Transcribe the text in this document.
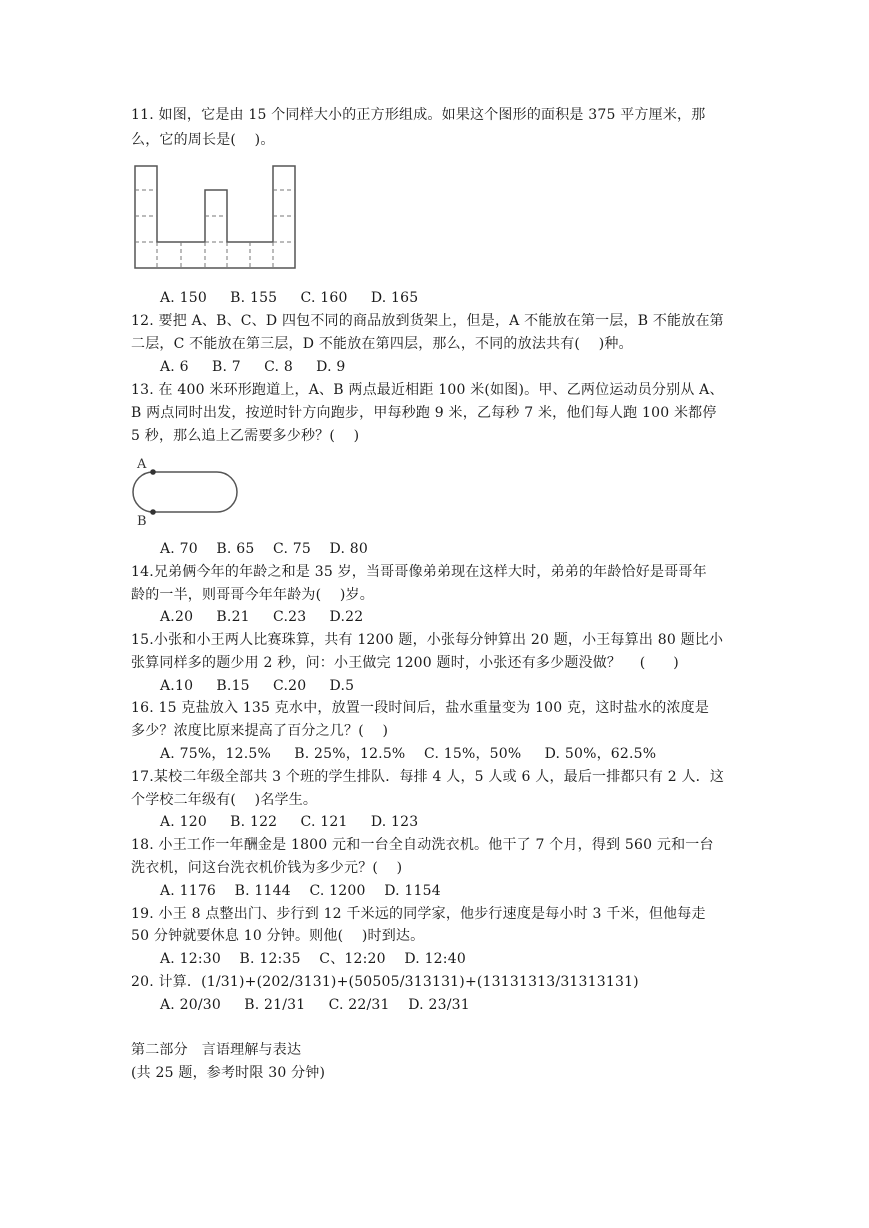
11. 如图，它是由 15 个同样大小的正方形组成。如果这个图形的面积是 375 平方厘米，那
么，它的周长是(    )。
A. 150     B. 155     C. 160     D. 165
12. 要把 A、B、C、D 四包不同的商品放到货架上，但是，A 不能放在第一层，B 不能放在第
二层，C 不能放在第三层，D 不能放在第四层，那么，不同的放法共有(    )种。
A. 6     B. 7     C. 8     D. 9
13. 在 400 米环形跑道上，A、B 两点最近相距 100 米(如图)。甲、乙两位运动员分别从 A、
B 两点同时出发，按逆时针方向跑步，甲每秒跑 9 米，乙每秒 7 米，他们每人跑 100 米都停
5 秒，那么追上乙需要多少秒？(    )
A
B
A. 70    B. 65    C. 75    D. 80
14.兄弟俩今年的年龄之和是 35 岁，当哥哥像弟弟现在这样大时，弟弟的年龄恰好是哥哥年
龄的一半，则哥哥今年年龄为(    )岁。
A.20     B.21     C.23     D.22
15.小张和小王两人比赛珠算，共有 1200 题，小张每分钟算出 20 题，小王每算出 80 题比小
张算同样多的题少用 2 秒，问：小王做完 1200 题时，小张还有多少题没做？    (      )
A.10     B.15     C.20     D.5
16. 15 克盐放入 135 克水中，放置一段时间后，盐水重量变为 100 克，这时盐水的浓度是
多少？浓度比原来提高了百分之几？(    )
A. 75%，12.5%     B. 25%，12.5%    C. 15%，50%     D. 50%，62.5%
17.某校二年级全部共 3 个班的学生排队．每排 4 人，5 人或 6 人，最后一排都只有 2 人．这
个学校二年级有(    )名学生。
A. 120     B. 122     C. 121     D. 123
18. 小王工作一年酬金是 1800 元和一台全自动洗衣机。他干了 7 个月，得到 560 元和一台
洗衣机，问这台洗衣机价钱为多少元？(    )
A. 1176    B. 1144    C. 1200    D. 1154
19. 小王 8 点整出门、步行到 12 千米远的同学家，他步行速度是每小时 3 千米，但他每走
50 分钟就要休息 10 分钟。则他(    )时到达。
A. 12:30    B. 12:35    C、12:20    D. 12:40
20. 计算．(1/31)+(202/3131)+(50505/313131)+(13131313/31313131)
A. 20/30     B. 21/31     C. 22/31    D. 23/31
第二部分   言语理解与表达
(共 25 题，参考时限 30 分钟)
